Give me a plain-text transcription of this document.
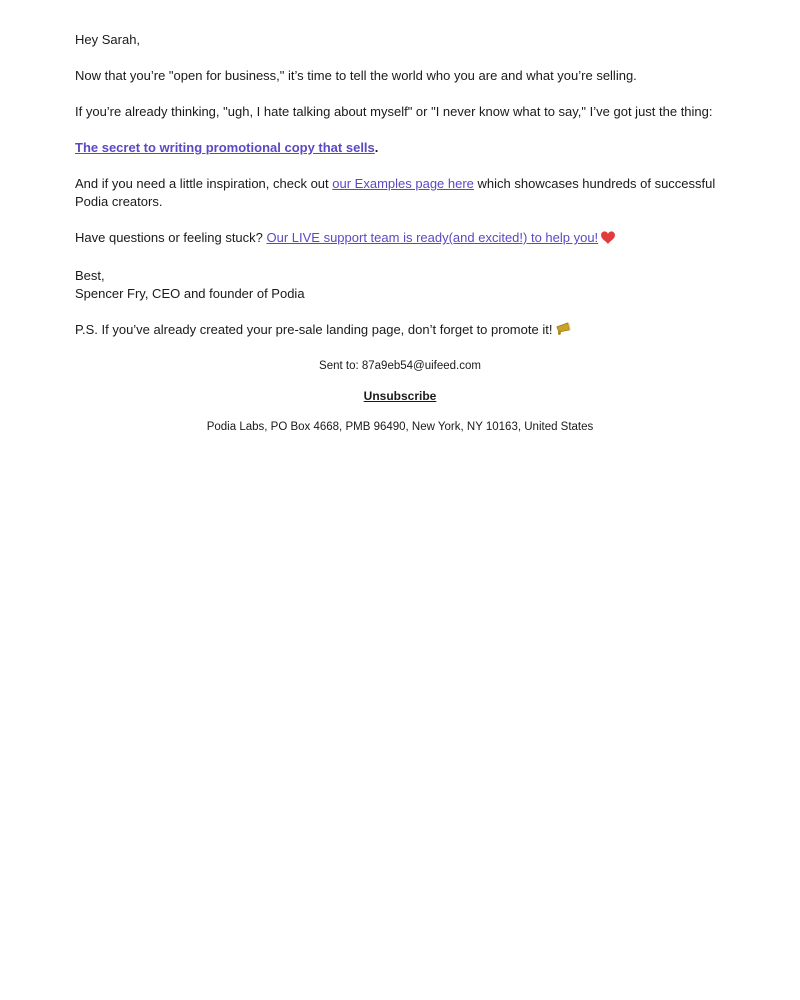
Hey Sarah,

Now that you’re "open for business," it’s time to tell the world who you are and what you’re selling.

If you’re already thinking, "ugh, I hate talking about myself" or "I never know what to say," I’ve got just the thing:

The secret to writing promotional copy that sells.

And if you need a little inspiration, check out our Examples page here which showcases hundreds of successful Podia creators.

Have questions or feeling stuck? Our LIVE support team is ready(and excited!) to help you!

Best,
Spencer Fry, CEO and founder of Podia

P.S. If you’ve already created your pre-sale landing page, don’t forget to promote it!

Sent to: 87a9eb54@uifeed.com
Unsubscribe
Podia Labs, PO Box 4668, PMB 96490, New York, NY 10163, United States
